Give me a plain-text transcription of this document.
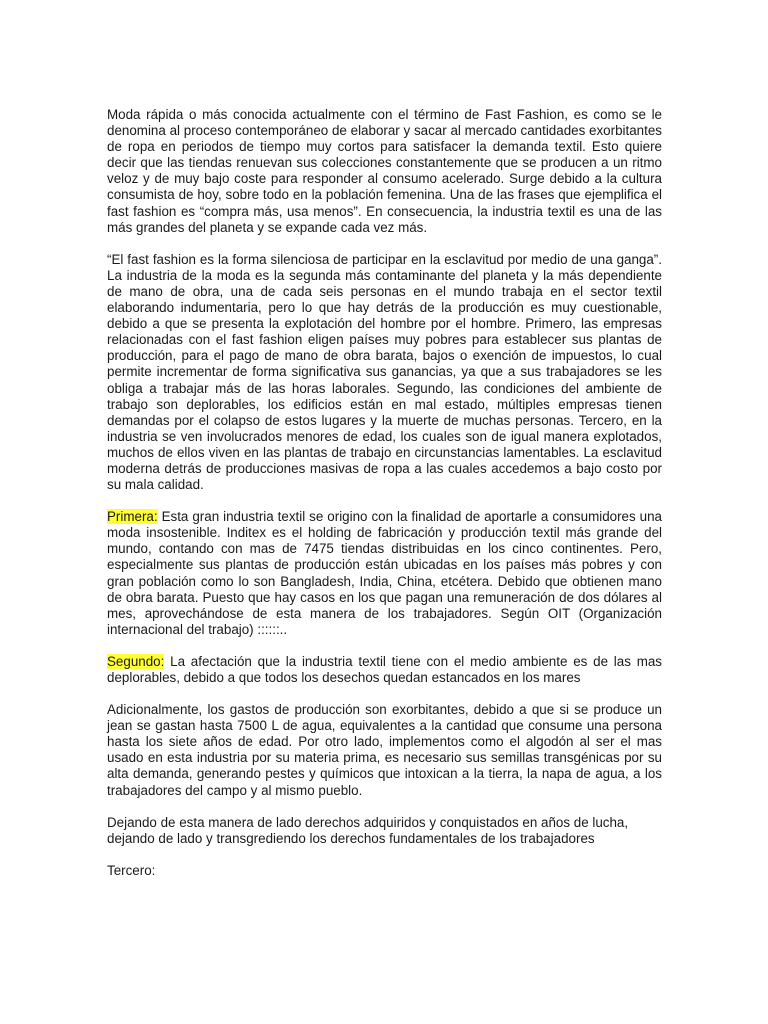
Moda rápida o más conocida actualmente con el término de Fast Fashion, es como se le denomina al proceso contemporáneo de elaborar y sacar al mercado cantidades exorbitantes de ropa en periodos de tiempo muy cortos para satisfacer la demanda textil. Esto quiere decir que las tiendas renuevan sus colecciones constantemente que se producen a un ritmo veloz y de muy bajo coste para responder al consumo acelerado. Surge debido a la cultura consumista de hoy, sobre todo en la población femenina. Una de las frases que ejemplifica el fast fashion es “compra más, usa menos”. En consecuencia, la industria textil es una de las más grandes del planeta y se expande cada vez más.

“El fast fashion es la forma silenciosa de participar en la esclavitud por medio de una ganga”. La industria de la moda es la segunda más contaminante del planeta y la más dependiente de mano de obra, una de cada seis personas en el mundo trabaja en el sector textil elaborando indumentaria, pero lo que hay detrás de la producción es muy cuestionable, debido a que se presenta la explotación del hombre por el hombre. Primero, las empresas relacionadas con el fast fashion eligen países muy pobres para establecer sus plantas de producción, para el pago de mano de obra barata, bajos o exención de impuestos, lo cual permite incrementar de forma significativa sus ganancias, ya que a sus trabajadores se les obliga a trabajar más de las horas laborales. Segundo, las condiciones del ambiente de trabajo son deplorables, los edificios están en mal estado, múltiples empresas tienen demandas por el colapso de estos lugares y la muerte de muchas personas. Tercero, en la industria se ven involucrados menores de edad, los cuales son de igual manera explotados, muchos de ellos viven en las plantas de trabajo en circunstancias lamentables. La esclavitud moderna detrás de producciones masivas de ropa a las cuales accedemos a bajo costo por su mala calidad.

Primera: Esta gran industria textil se origino con la finalidad de aportarle a consumidores una moda insostenible. Inditex es el holding de fabricación y producción textil más grande del mundo, contando con mas de 7475 tiendas distribuidas en los cinco continentes. Pero, especialmente sus plantas de producción están ubicadas en los países más pobres y con gran población como lo son Bangladesh, India, China, etcétera. Debido que obtienen mano de obra barata. Puesto que hay casos en los que pagan una remuneración de dos dólares al mes, aprovechándose de esta manera de los trabajadores. Según OIT (Organización internacional del trabajo) ::::::..

Segundo: La afectación que la industria textil tiene con el medio ambiente es de las mas deplorables, debido a que todos los desechos quedan estancados en los mares

Adicionalmente, los gastos de producción son exorbitantes, debido a que si se produce un jean se gastan hasta 7500 L de agua, equivalentes a la cantidad que consume una persona hasta los siete años de edad. Por otro lado, implementos como el algodón al ser el mas usado en esta industria por su materia prima, es necesario sus semillas transgénicas por su alta demanda, generando pestes y químicos que intoxican a la tierra, la napa de agua, a los trabajadores del campo y al mismo pueblo.

Dejando de esta manera de lado derechos adquiridos y conquistados en años de lucha, dejando de lado y transgrediendo los derechos fundamentales de los trabajadores

Tercero:
